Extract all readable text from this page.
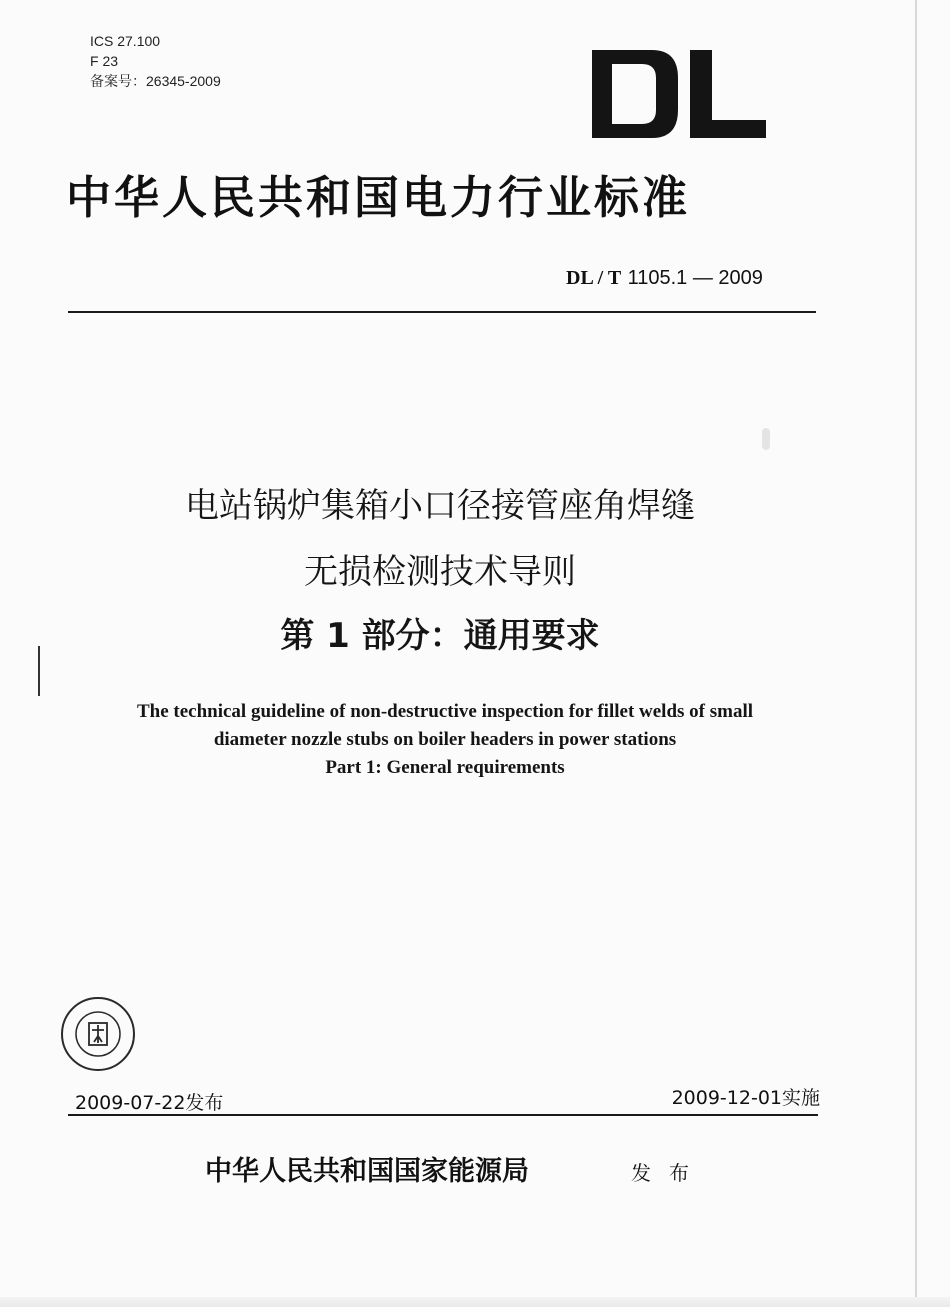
ICS 27.100
F 23
备案号：26345-2009
中华人民共和国电力行业标准
DL / T 1105.1 — 2009
电站锅炉集箱小口径接管座角焊缝
无损检测技术导则
第 1 部分：通用要求
The technical guideline of non-destructive inspection for fillet welds of small
diameter nozzle stubs on boiler headers in power stations
Part 1: General requirements
2009-07-22发布	2009-12-01实施
中华人民共和国国家能源局	发布
